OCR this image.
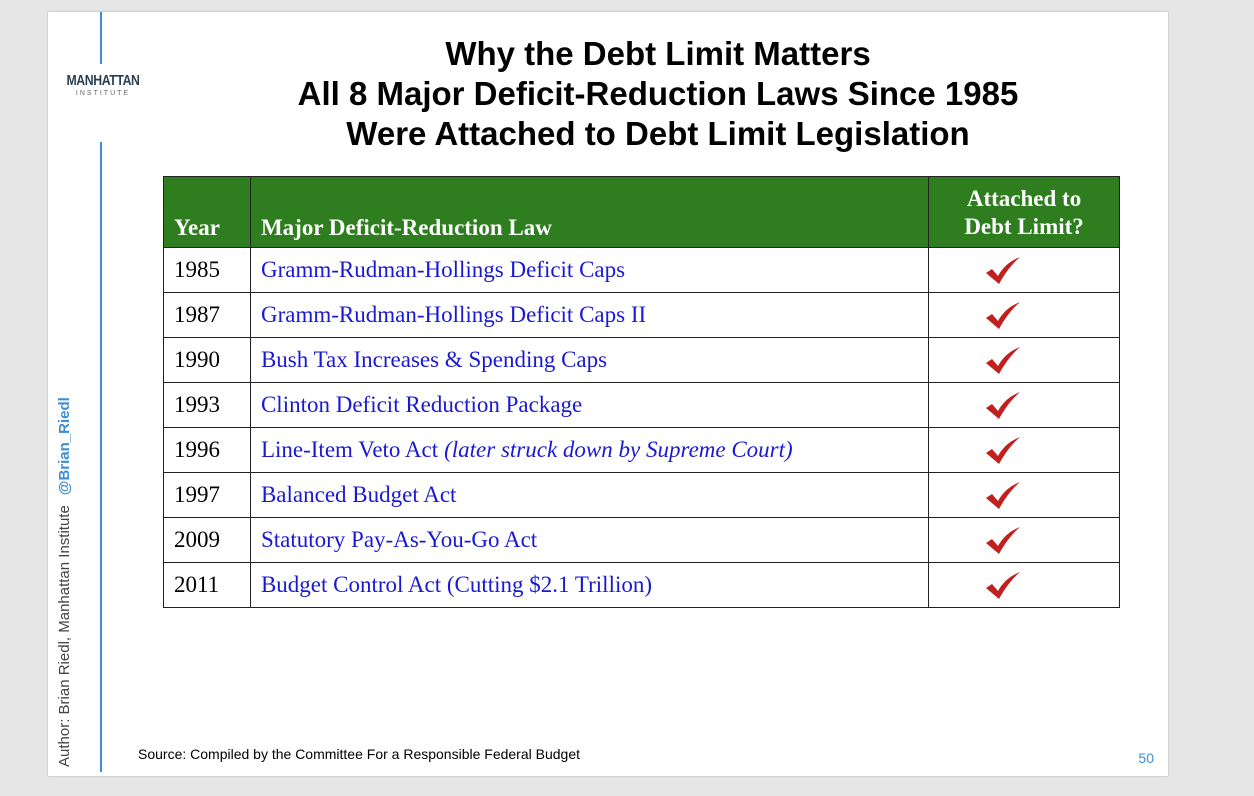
MANHATTAN
INSTITUTE
Author: Brian Riedl, Manhattan Institute@Brian_Riedl
Why the Debt Limit Matters
All 8 Major Deficit-Reduction Laws Since 1985
Were Attached to Debt Limit Legislation
Year	Major Deficit-Reduction Law	Attached to
Debt Limit?
1985	Gramm-Rudman-Hollings Deficit Caps	

1987	Gramm-Rudman-Hollings Deficit Caps II	

1990	Bush Tax Increases & Spending Caps	

1993	Clinton Deficit Reduction Package	

1996	Line-Item Veto Act (later struck down by Supreme Court)	

1997	Balanced Budget Act	

2009	Statutory Pay-As-You-Go Act	

2011	Budget Control Act (Cutting $2.1 Trillion)	
Source: Compiled by the Committee For a Responsible Federal Budget	50
